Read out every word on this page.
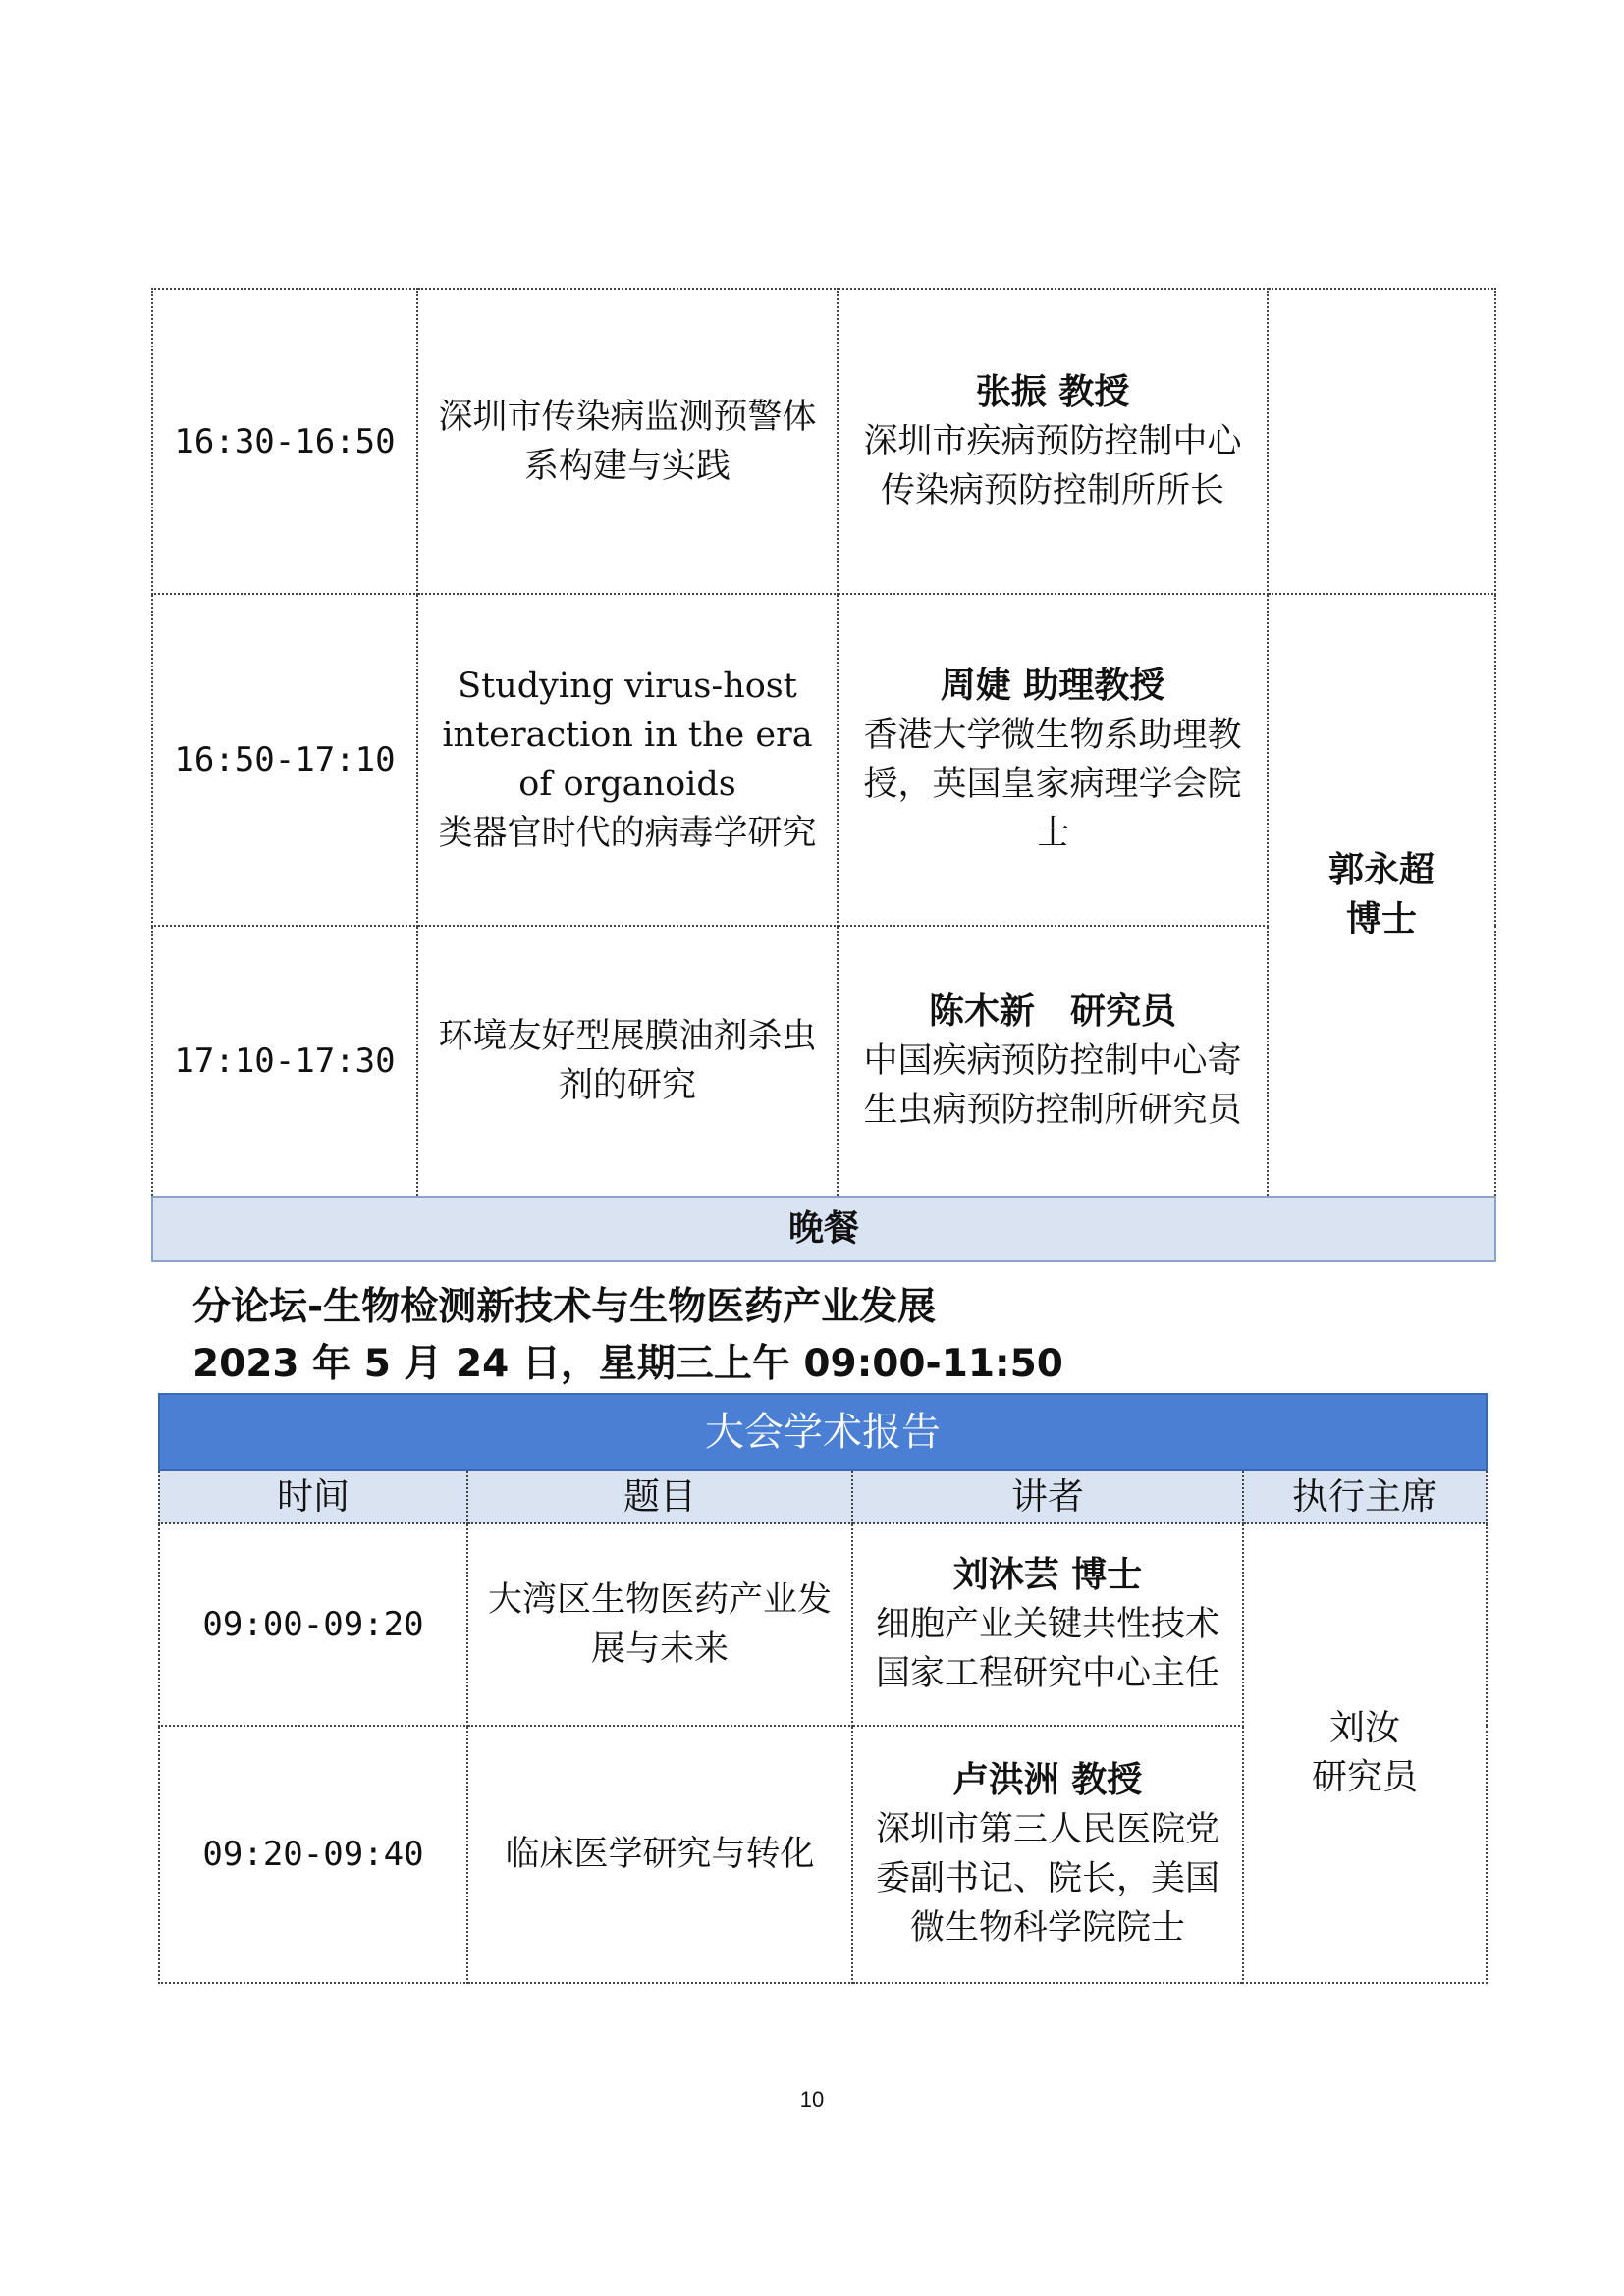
16:30-16:50	深圳市传染病监测预警体系构建与实践	张振 教授
深圳市疾病预防控制中心传染病预防控制所所长	

16:50-17:10	Studying virus-host interaction in the era of organoids
类器官时代的病毒学研究	周婕 助理教授
香港大学微生物系助理教授，英国皇家病理学会院士	郭永超
博士

17:10-17:30	环境友好型展膜油剂杀虫剂的研究	陈木新　研究员
中国疾病预防控制中心寄生虫病预防控制所研究员	

晚餐			
分论坛-生物检测新技术与生物医药产业发展
2023 年 5 月 24 日，星期三上午 09:00-11:50
大会学术报告			
时间	题目	讲者	执行主席
09:00-09:20	大湾区生物医药产业发展与未来	刘沐芸 博士
细胞产业关键共性技术国家工程研究中心主任	刘汝
研究员

09:20-09:40	临床医学研究与转化	卢洪洲 教授
深圳市第三人民医院党委副书记、院长，美国微生物科学院院士	
10
